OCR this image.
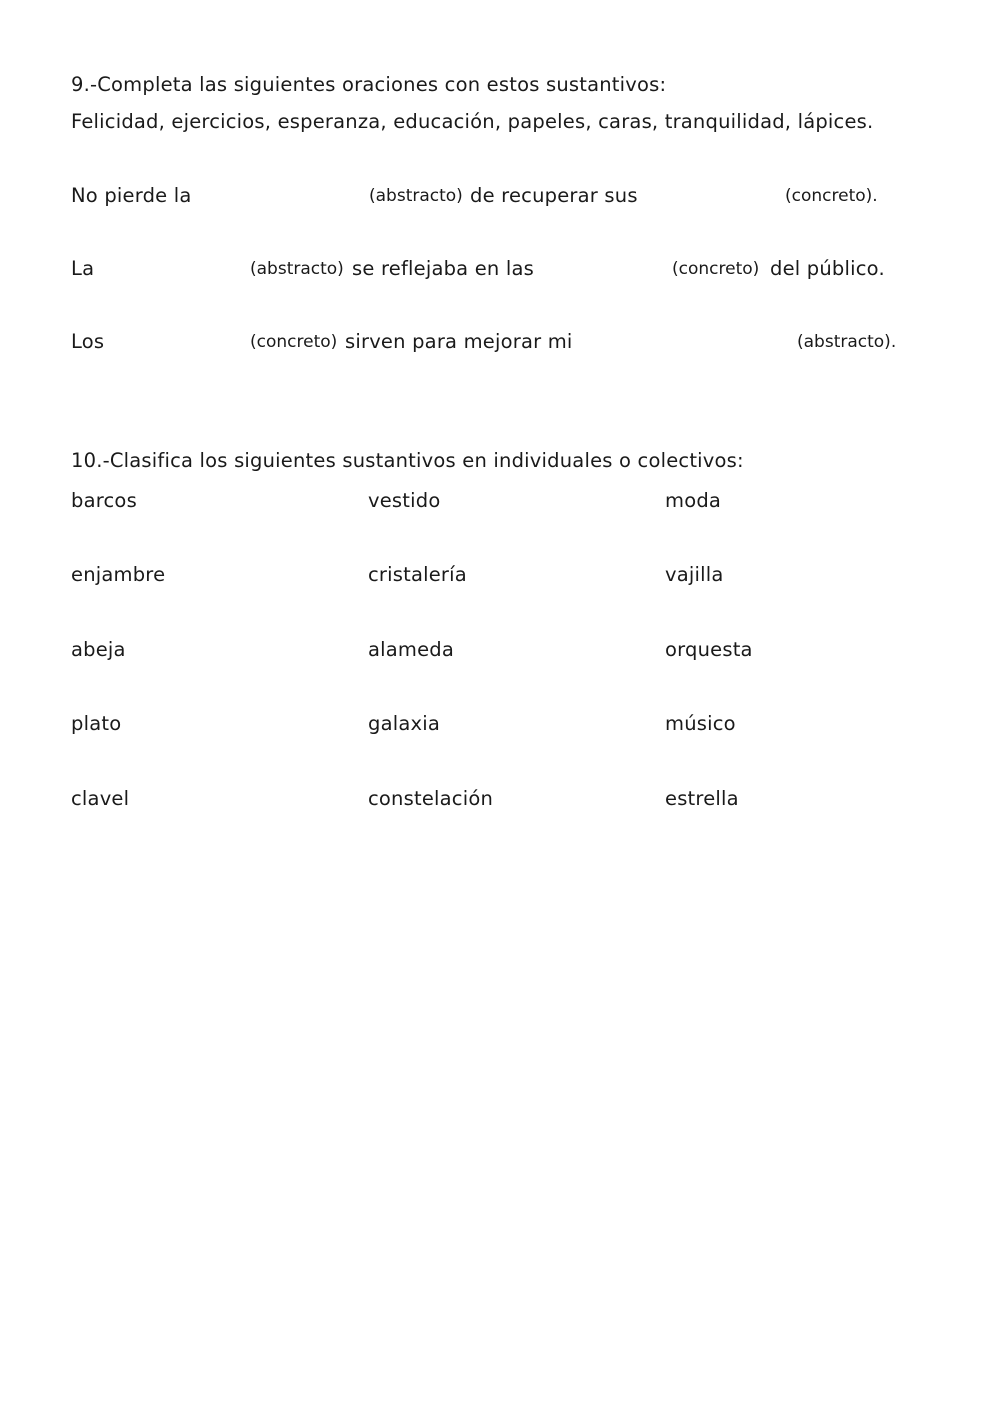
9.-Completa las siguientes oraciones con estos sustantivos:
Felicidad, ejercicios, esperanza, educación, papeles, caras, tranquilidad, lápices.
No pierde la	(abstracto) de recuperar sus	(concreto).
La	(abstracto) se reflejaba en las	(concreto) del público.
Los	(concreto) sirven para mejorar mi	(abstracto).
10.-Clasifica los siguientes sustantivos en individuales o colectivos:
barcos	vestido	moda
enjambre	cristalería	vajilla
abeja	alameda	orquesta
plato	galaxia	músico
clavel	constelación	estrella
